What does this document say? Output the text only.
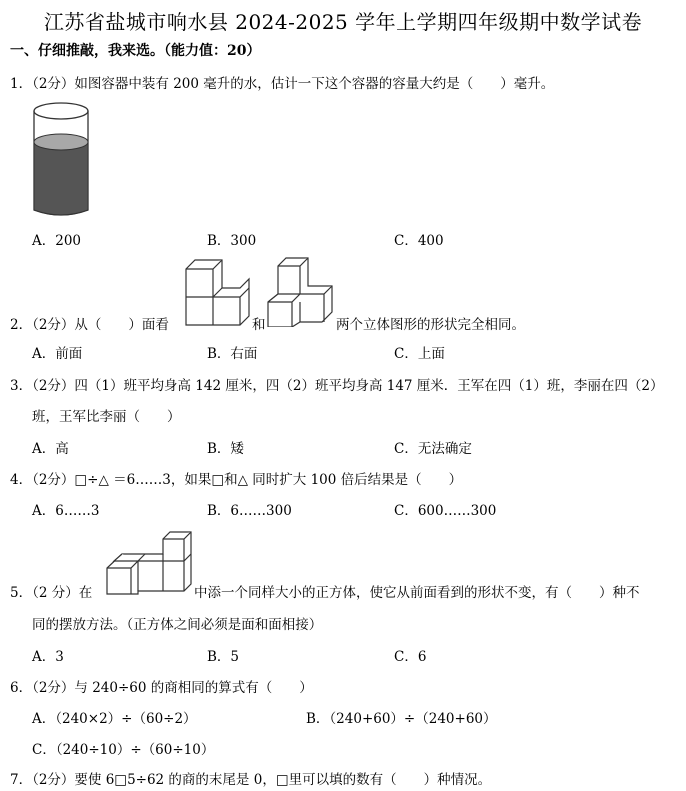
江苏省盐城市响水县 2024-2025 学年上学期四年级期中数学试卷
一、仔细推敲，我来选。（能力值：20）
1．（2分）如图容器中装有 200 毫升的水，估计一下这个容器的容量大约是（　　）毫升。
A．200	B．300	C．400
2．（2分）从（　　）面看	和	两个立体图形的形状完全相同。
A．前面	B．右面	C．上面
3．（2分）四（1）班平均身高 142 厘米，四（2）班平均身高 147 厘米．王军在四（1）班，李丽在四（2）
班，王军比李丽（　　）
A．高	B．矮	C．无法确定
4．（2分）□÷△ ＝6……3，如果□和△ 同时扩大 100 倍后结果是（　　）
A．6……3	B．6……300	C．600……300
5．（2 分）在	中添一个同样大小的正方体，使它从前面看到的形状不变，有（　　）种不
同的摆放方法。（正方体之间必须是面和面相接）
A．3	B．5	C．6
6．（2分）与 240÷60 的商相同的算式有（　　）
A．（240×2）÷（60÷2）	B．（240+60）÷（240+60）
C．（240÷10）÷（60÷10）
7．（2分）要使 6□5÷62 的商的末尾是 0，□里可以填的数有（　　）种情况。
